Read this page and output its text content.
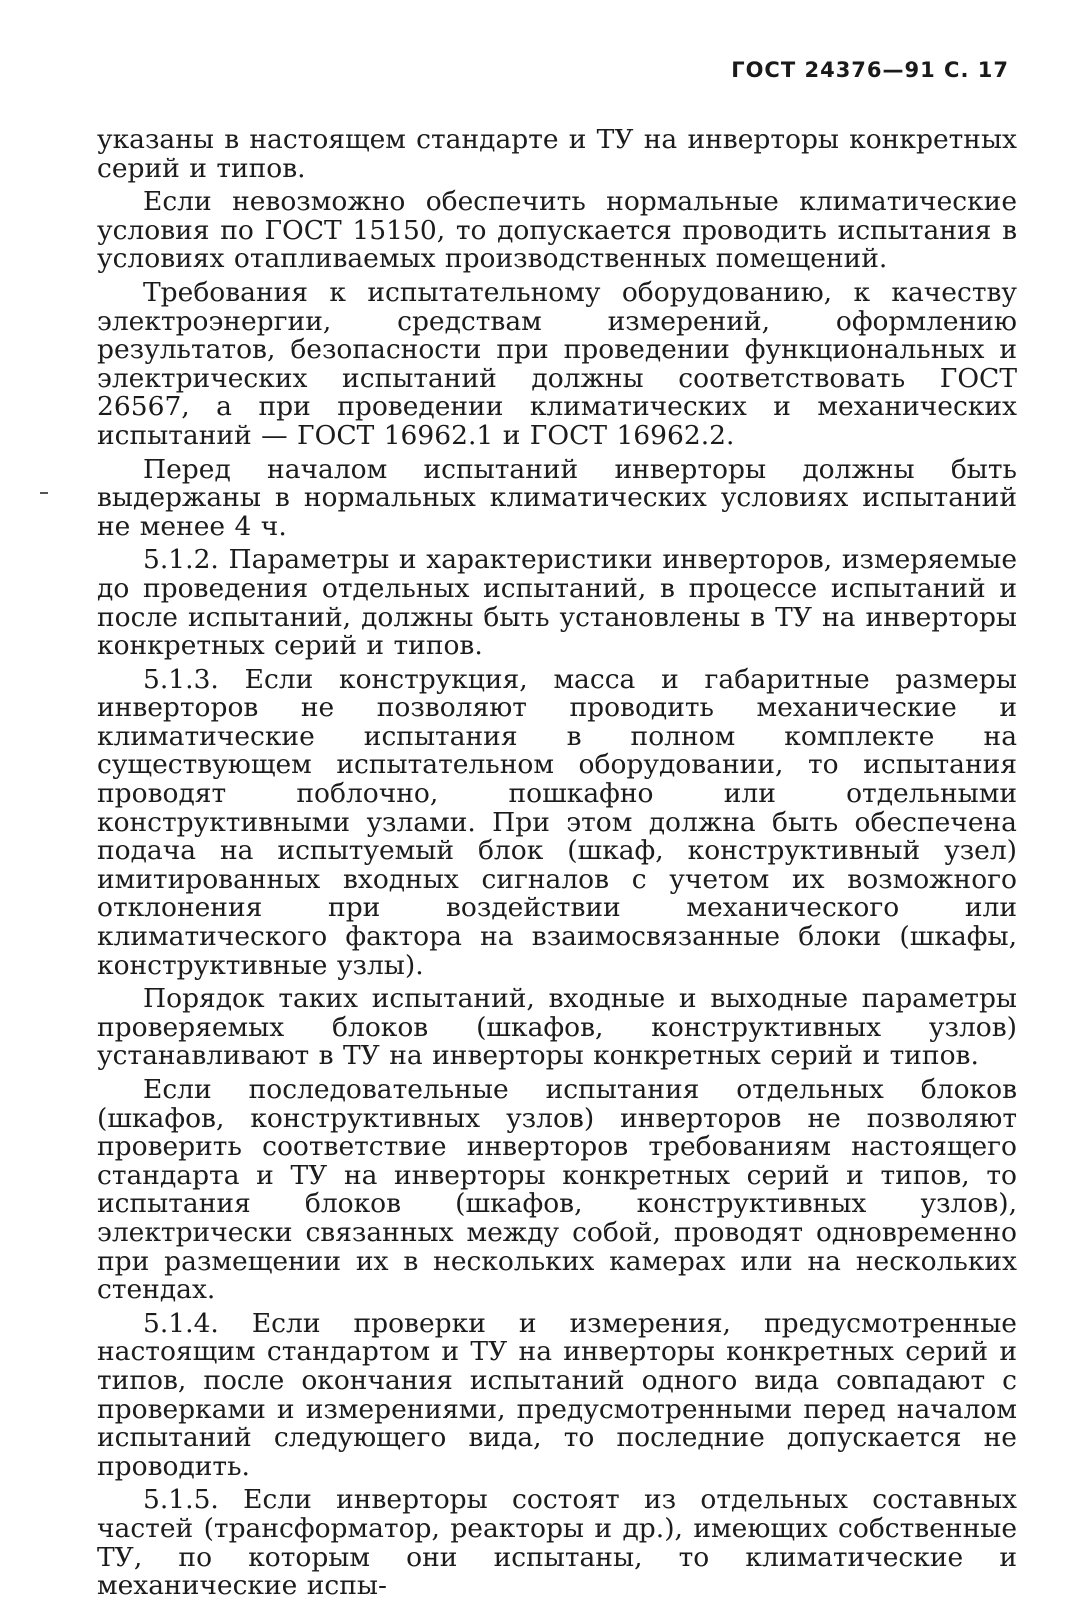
ГОСТ 24376—91 С. 17

указаны в настоящем стандарте и ТУ на инверторы конкретных серий и типов.

Если невозможно обеспечить нормальные климатические условия по ГОСТ 15150, то допускается проводить испытания в условиях отапливаемых производственных помещений.

Требования к испытательному оборудованию, к качеству электроэнергии, средствам измерений, оформлению результатов, безопасности при проведении функциональных и электрических испытаний должны соответствовать ГОСТ 26567, а при проведении климатических и механических испытаний — ГОСТ 16962.1 и ГОСТ 16962.2.

Перед началом испытаний инверторы должны быть выдержаны в нормальных климатических условиях испытаний не менее 4 ч.

5.1.2. Параметры и характеристики инверторов, измеряемые до проведения отдельных испытаний, в процессе испытаний и после испытаний, должны быть установлены в ТУ на инверторы конкретных серий и типов.

5.1.3. Если конструкция, масса и габаритные размеры инверторов не позволяют проводить механические и климатические испытания в полном комплекте на существующем испытательном оборудовании, то испытания проводят поблочно, пошкафно или отдельными конструктивными узлами. При этом должна быть обеспечена подача на испытуемый блок (шкаф, конструктивный узел) имитированных входных сигналов с учетом их возможного отклонения при воздействии механического или климатического фактора на взаимосвязанные блоки (шкафы, конструктивные узлы).

Порядок таких испытаний, входные и выходные параметры проверяемых блоков (шкафов, конструктивных узлов) устанавливают в ТУ на инверторы конкретных серий и типов.

Если последовательные испытания отдельных блоков (шкафов, конструктивных узлов) инверторов не позволяют проверить соответствие инверторов требованиям настоящего стандарта и ТУ на инверторы конкретных серий и типов, то испытания блоков (шкафов, конструктивных узлов), электрически связанных между собой, проводят одновременно при размещении их в нескольких камерах или на нескольких стендах.

5.1.4. Если проверки и измерения, предусмотренные настоящим стандартом и ТУ на инверторы конкретных серий и типов, после окончания испытаний одного вида совпадают с проверками и измерениями, предусмотренными перед началом испытаний следующего вида, то последние допускается не проводить.

5.1.5. Если инверторы состоят из отдельных составных частей (трансформатор, реакторы и др.), имеющих собственные ТУ, по которым они испытаны, то климатические и механические испы-
